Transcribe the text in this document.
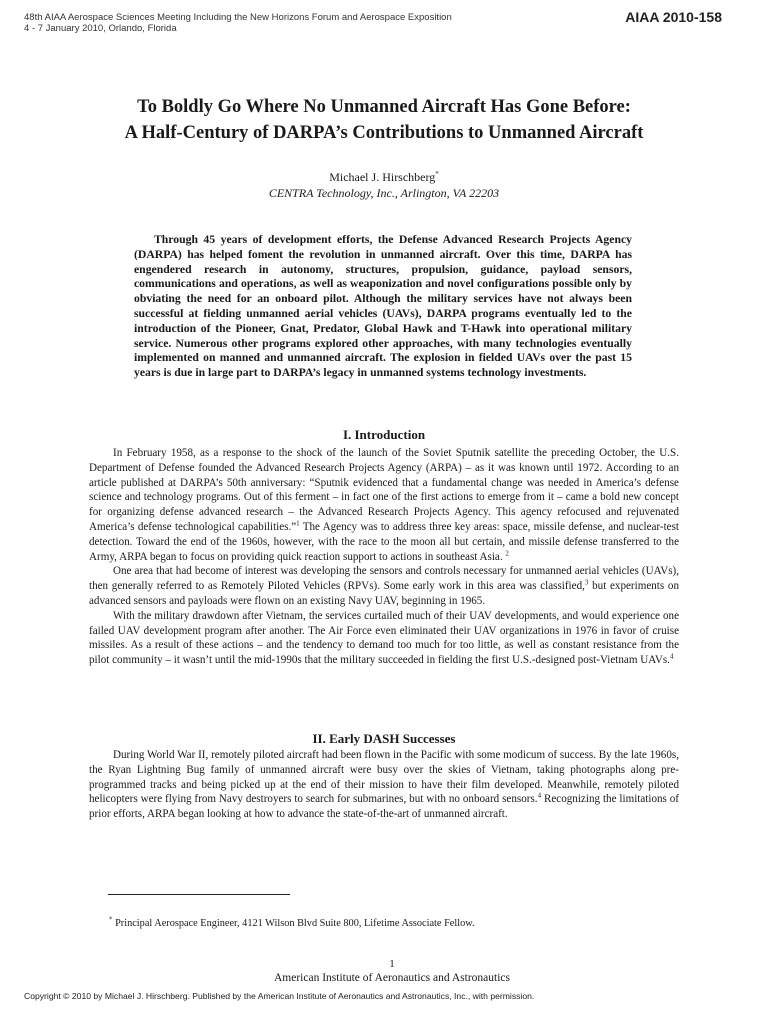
48th AIAA Aerospace Sciences Meeting Including the New Horizons Forum and Aerospace Exposition
4 - 7 January 2010, Orlando, Florida
AIAA 2010-158
To Boldly Go Where No Unmanned Aircraft Has Gone Before:
A Half-Century of DARPA’s Contributions to Unmanned Aircraft
Michael J. Hirschberg*
CENTRA Technology, Inc., Arlington, VA 22203

Through 45 years of development efforts, the Defense Advanced Research Projects Agency (DARPA) has helped foment the revolution in unmanned aircraft. Over this time, DARPA has engendered research in autonomy, structures, propulsion, guidance, payload sensors, communications and operations, as well as weaponization and novel configurations possible only by obviating the need for an onboard pilot. Although the military services have not always been successful at fielding unmanned aerial vehicles (UAVs), DARPA programs eventually led to the introduction of the Pioneer, Gnat, Predator, Global Hawk and T-Hawk into operational military service. Numerous other programs explored other approaches, with many technologies eventually implemented on manned and unmanned aircraft. The explosion in fielded UAVs over the past 15 years is due in large part to DARPA’s legacy in unmanned systems technology investments.

I. Introduction

In February 1958, as a response to the shock of the launch of the Soviet Sputnik satellite the preceding October, the U.S. Department of Defense founded the Advanced Research Projects Agency (ARPA) – as it was known until 1972. According to an article published at DARPA’s 50th anniversary: “Sputnik evidenced that a fundamental change was needed in America’s defense science and technology programs. Out of this ferment – in fact one of the first actions to emerge from it – came a bold new concept for organizing defense advanced research – the Advanced Research Projects Agency. This agency refocused and rejuvenated America’s defense technological capabilities.”$^1$ The Agency was to address three key areas: space, missile defense, and nuclear-test detection. Toward the end of the 1960s, however, with the race to the moon all but certain, and missile defense transferred to the Army, ARPA began to focus on providing quick reaction support to actions in southeast Asia. $^2$

One area that had become of interest was developing the sensors and controls necessary for unmanned aerial vehicles (UAVs), then generally referred to as Remotely Piloted Vehicles (RPVs). Some early work in this area was classified,$^3$ but experiments on advanced sensors and payloads were flown on an existing Navy UAV, beginning in 1965.

With the military drawdown after Vietnam, the services curtailed much of their UAV developments, and would experience one failed UAV development program after another. The Air Force even eliminated their UAV organizations in 1976 in favor of cruise missiles. As a result of these actions – and the tendency to demand too much for too little, as well as constant resistance from the pilot community – it wasn’t until the mid-1990s that the military succeeded in fielding the first U.S.-designed post-Vietnam UAVs.$^4$

II. Early DASH Successes

During World War II, remotely piloted aircraft had been flown in the Pacific with some modicum of success. By the late 1960s, the Ryan Lightning Bug family of unmanned aircraft were busy over the skies of Vietnam, taking photographs along pre-programmed tracks and being picked up at the end of their mission to have their film developed. Meanwhile, remotely piloted helicopters were flying from Navy destroyers to search for submarines, but with no onboard sensors.$^4$ Recognizing the limitations of prior efforts, ARPA began looking at how to advance the state-of-the-art of unmanned aircraft.

* Principal Aerospace Engineer, 4121 Wilson Blvd Suite 800, Lifetime Associate Fellow.
1
American Institute of Aeronautics and Astronautics
Copyright © 2010 by Michael J. Hirschberg. Published by the American Institute of Aeronautics and Astronautics, Inc., with permission.
